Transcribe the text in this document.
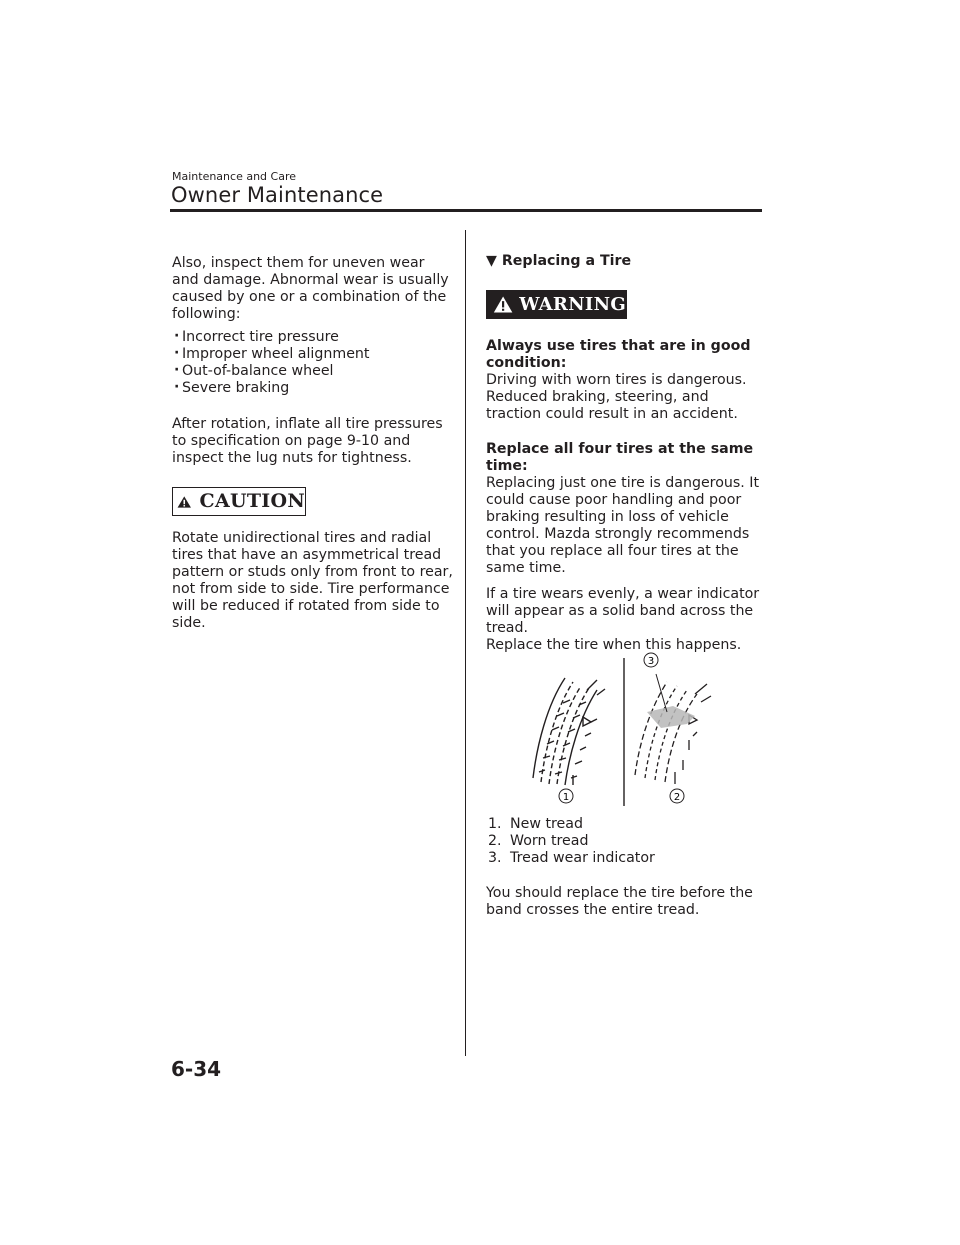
Maintenance and Care
Owner Maintenance

Also, inspect them for uneven wear

and damage. Abnormal wear is usually

caused by one or a combination of the

following:

· Incorrect tire pressure
· Improper wheel alignment
· Out-of-balance wheel
· Severe braking

After rotation, inflate all tire pressures

to specification on page 9-10 and

inspect the lug nuts for tightness.

CAUTION

Rotate unidirectional tires and radial

tires that have an asymmetrical tread

pattern or studs only from front to rear,

not from side to side. Tire performance

will be reduced if rotated from side to

side.

▼ Replacing a Tire

WARNING

Always use tires that are in good

condition:

Driving with worn tires is dangerous.

Reduced braking, steering, and

traction could result in an accident.

Replace all four tires at the same

time:

Replacing just one tire is dangerous. It

could cause poor handling and poor

braking resulting in loss of vehicle

control. Mazda strongly recommends

that you replace all four tires at the

same time.

If a tire wears evenly, a wear indicator

will appear as a solid band across the

tread.

Replace the tire when this happens.

1. New tread
2. Worn tread
3. Tread wear indicator

You should replace the tire before the

band crosses the entire tread.

3
1	2
6-34
